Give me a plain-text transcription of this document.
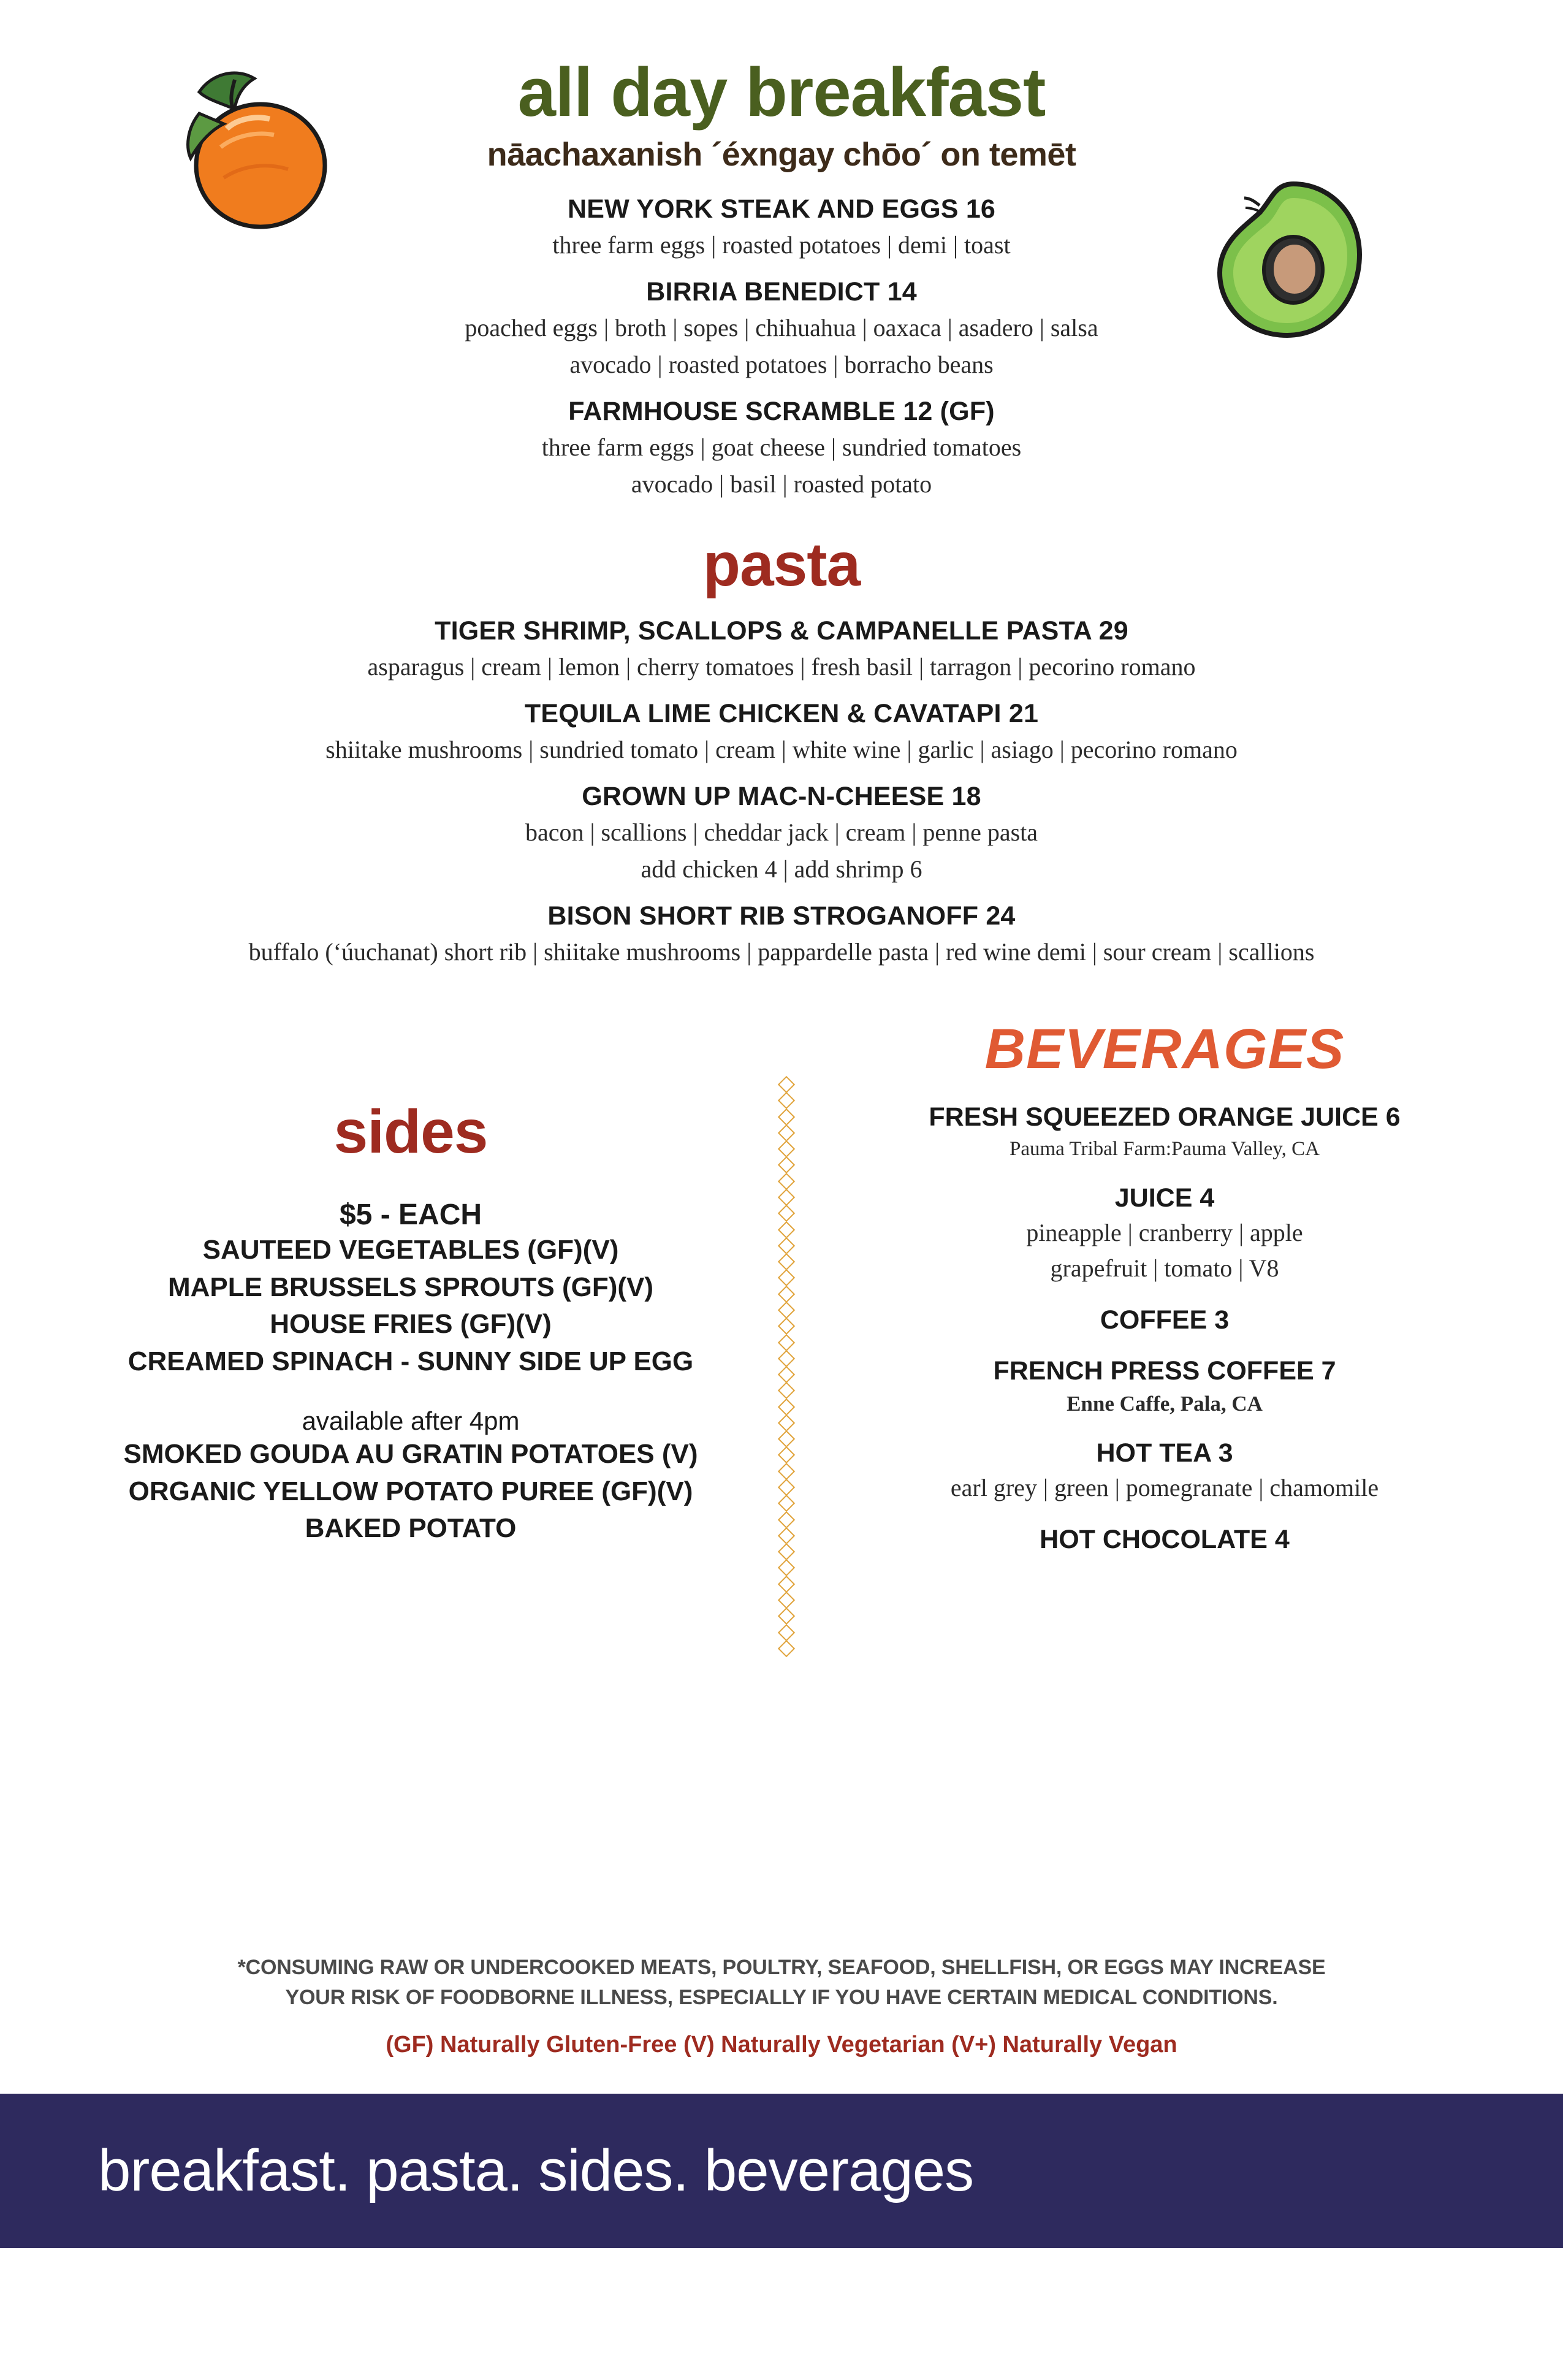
all day breakfast
nāachaxanish ´éxngay chōo´ on temēt
NEW YORK STEAK AND EGGS 16
three farm eggs | roasted potatoes | demi | toast
BIRRIA BENEDICT 14
poached eggs | broth | sopes | chihuahua | oaxaca | asadero | salsa
avocado | roasted potatoes | borracho beans
FARMHOUSE SCRAMBLE 12 (GF)
three farm eggs | goat cheese | sundried tomatoes
avocado | basil | roasted potato
pasta
TIGER SHRIMP, SCALLOPS & CAMPANELLE PASTA 29
asparagus | cream | lemon | cherry tomatoes | fresh basil | tarragon | pecorino romano
TEQUILA LIME CHICKEN & CAVATAPI 21
shiitake mushrooms | sundried tomato | cream | white wine | garlic | asiago | pecorino romano
GROWN UP MAC-N-CHEESE 18
bacon | scallions | cheddar jack | cream | penne pasta
add chicken 4 | add shrimp 6
BISON SHORT RIB STROGANOFF 24
buffalo (‘úuchanat) short rib | shiitake mushrooms | pappardelle pasta | red wine demi | sour cream | scallions
sides
$5 - EACH
SAUTEED VEGETABLES (GF)(V)
MAPLE BRUSSELS SPROUTS (GF)(V)
HOUSE FRIES (GF)(V)
CREAMED SPINACH - SUNNY SIDE UP EGG
available after 4pm
SMOKED GOUDA AU GRATIN POTATOES (V)
ORGANIC YELLOW POTATO PUREE (GF)(V)
BAKED POTATO
BEVERAGES
FRESH SQUEEZED ORANGE JUICE 6
Pauma Tribal Farm:Pauma Valley, CA
JUICE 4
pineapple | cranberry | apple
grapefruit | tomato | V8
COFFEE 3
FRENCH PRESS COFFEE 7
Enne Caffe, Pala, CA
HOT TEA 3
earl grey | green | pomegranate | chamomile
HOT CHOCOLATE 4
*CONSUMING RAW OR UNDERCOOKED MEATS, POULTRY, SEAFOOD, SHELLFISH, OR EGGS MAY INCREASE
YOUR RISK OF FOODBORNE ILLNESS, ESPECIALLY IF YOU HAVE CERTAIN MEDICAL CONDITIONS.
(GF) Naturally Gluten-Free (V) Naturally Vegetarian (V+) Naturally Vegan
breakfast. pasta. sides. beverages
